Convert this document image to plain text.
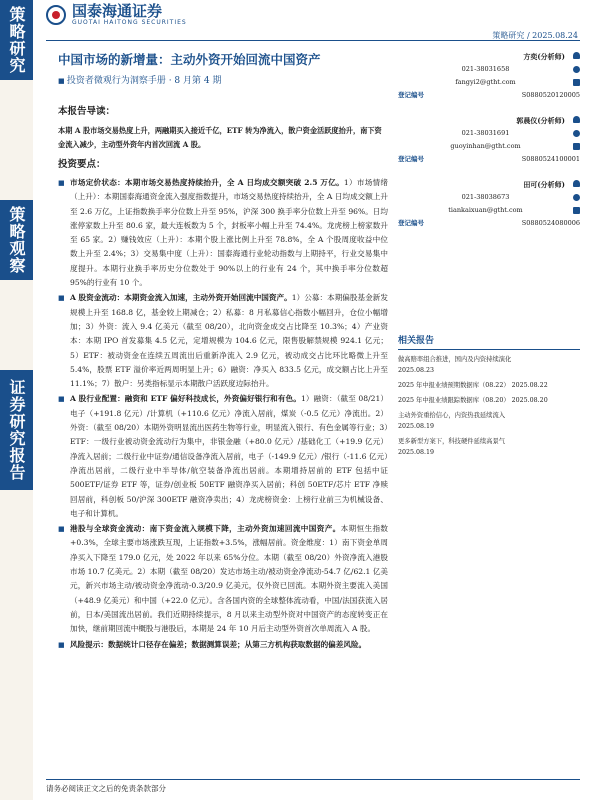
策略研究
策略观察
证券研究报告
国泰海通证券
GUOTAI HAITONG SECURITIES
策略研究 / 2025.08.24
中国市场的新增量：主动外资开始回流中国资产
■ 投资者微观行为洞察手册 · 8 月第 4 期
本报告导读：
本期 A 股市场交易热度上升，两融期买入接近千亿，ETF 转为净流入，散户资金活跃度抬升，南下资金流入减少，主动型外资年内首次回流 A 股。
投资要点：
■ 市场定价状态：本期市场交易热度持续抬升，全 A 日均成交额突破 2.5 万亿。1）市场情绪（上升）：本期国泰海通资金流入强度指数提升，市场交易热度持续抬升，全 A 日均成交额上升至 2.6 万亿，上证指数换手率分位数上升至 95%，沪深 300 换手率分位数上升至 96%。日均涨停家数上升至 80.6 家，最大连板数为 5 个，封板率小幅上升至 74.4%。龙虎榜上榜家数升至 65 家。2）赚钱效应（上升）：本期个股上涨比例上升至 78.8%，全 A 个股周度收益中位数上升至 2.4%；3）交易集中度（上升）：国泰海通行业轮动指数与上期持平，行业交易集中度提升。本期行业换手率历史分位数处于 90%以上的行业有 24 个，其中换手率分位数超 95%的行业有 10 个。
■ A 股资金流动：本期资金流入加速，主动外资开始回流中国资产。1）公募：本期偏股基金新发规模上升至 168.8 亿，基金较上期减仓；2）私募：8 月私募信心指数小幅回升，仓位小幅增加；3）外资：流入 9.4 亿美元（截至 08/20），北向资金成交占比降至 10.3%；4）产业资本：本期 IPO 首发募集 4.5 亿元，定增规模为 104.6 亿元，限售股解禁规模 924.1 亿元；5）ETF：被动资金在连续五周流出后重新净流入 2.9 亿元，被动成交占比环比略微上升至 5.4%，股票 ETF 溢价率近两周明显上升；6）融资：净买入 833.5 亿元，成交额占比上升至 11.1%；7）散户：另类指标显示本期散户活跃度边际抬升。
■ A 股行业配置：融资和 ETF 偏好科技成长，外资偏好银行和有色。1）融资：（截至 08/21）电子（+191.8 亿元）/计算机（+110.6 亿元）净流入居前，煤炭（-0.5 亿元）净流出。2）外资：（截至 08/20）本期外资明显流出医药生物等行业，明显流入银行、有色金属等行业；3）ETF：一级行业被动资金流动行为集中，非银金融（+80.0 亿元）/基础化工（+19.9 亿元）净流入居前；二级行业中证券/通信设备净流入居前，电子（-149.9 亿元）/银行（-11.6 亿元）净流出居前，二级行业中半导体/航空装备净流出居前。本期增持居前的 ETF 包括中证 500ETF/证券 ETF 等，证券/创业板 50ETF 融资净买入居前；科创 50ETF/芯片 ETF 净赎回居前，科创板 50/沪深 300ETF 融资净卖出；4）龙虎榜资金：上榜行业前三为机械设备、电子和计算机。
■ 港股与全球资金流动：南下资金流入规模下降，主动外资加速回流中国资产。本期恒生指数+0.3%，全球主要市场涨跌互现，上证指数+3.5%，涨幅居前。资金维度：1）南下资金单周净买入下降至 179.0 亿元，处 2022 年以来 65%分位。本期（截至 08/20）外资净流入港股市场 10.7 亿美元。2）本期（截至 08/20）发达市场主动/被动资金净流动-54.7 亿/62.1 亿美元，新兴市场主动/被动资金净流动-0.3/20.9 亿美元，仅外资已回流。本期外资主要流入美国（+48.9 亿美元）和中国（+22.0 亿元）。含各国内资的全球整体流动看，中国/法国获流入居前，日本/美国流出居前。我们近期持续提示，8 月以来主动型外资对中国资产的态度转变正在加快，继前期回流中概股与港股后，本期是 24 年 10 月后主动型外资首次单周流入 A 股。
■ 风险提示：数据统计口径存在偏差；数据测算误差；从第三方机构获取数据的偏差风险。
方奕(分析师)
021-38031658
fangyi2@gtht.com
登记编号	S0880520120005
郭晨仪(分析师)
021-38031691
guoyinhan@gtht.com
登记编号	S0880524100001
田可(分析师)
021-38038673
tiankaixuan@gtht.com
登记编号	S0880524080006
相关报告
做高赔率组合推进，国内及内资持续演化
2025.08.23
2025 年中报业绩预期数据库（08.22） 2025.08.22
2025 年中报业绩跟踪数据库（08.20） 2025.08.20
主动外资重拾信心，内资热我延续流入
2025.08.19
更多新型方案下，科技硬件延续高景气
2025.08.19
请务必阅读正文之后的免责条款部分
